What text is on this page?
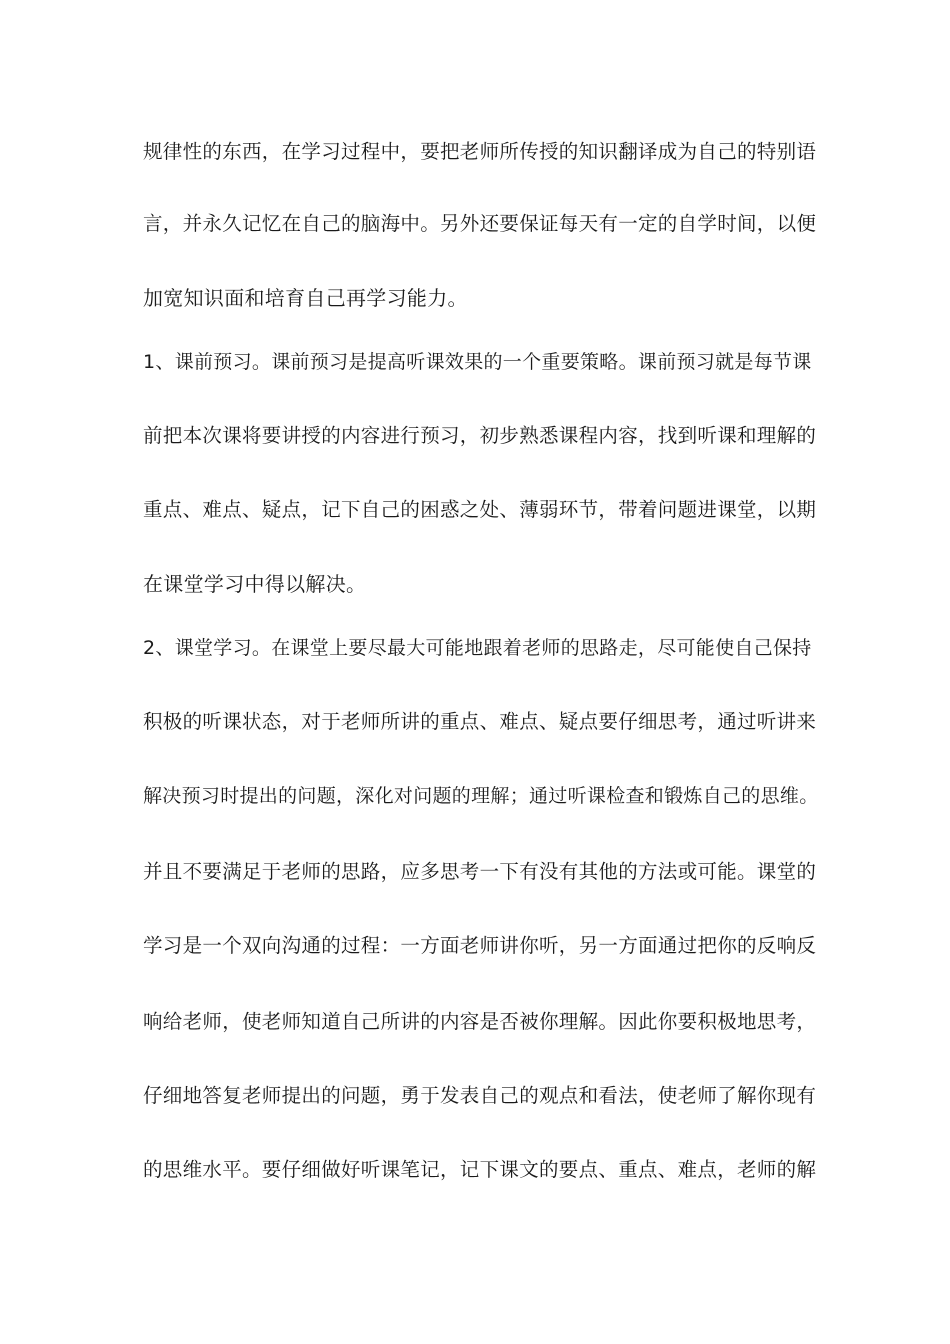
规律性的东西，在学习过程中，要把老师所传授的知识翻译成为自己的特别语
言，并永久记忆在自己的脑海中。另外还要保证每天有一定的自学时间，以便
加宽知识面和培育自己再学习能力。
1、课前预习。课前预习是提高听课效果的一个重要策略。课前预习就是每节课
前把本次课将要讲授的内容进行预习，初步熟悉课程内容，找到听课和理解的
重点、难点、疑点，记下自己的困惑之处、薄弱环节，带着问题进课堂，以期
在课堂学习中得以解决。
2、课堂学习。在课堂上要尽最大可能地跟着老师的思路走，尽可能使自己保持
积极的听课状态，对于老师所讲的重点、难点、疑点要仔细思考，通过听讲来
解决预习时提出的问题，深化对问题的理解；通过听课检查和锻炼自己的思维。
并且不要满足于老师的思路，应多思考一下有没有其他的方法或可能。课堂的
学习是一个双向沟通的过程：一方面老师讲你听，另一方面通过把你的反响反
响给老师，使老师知道自己所讲的内容是否被你理解。因此你要积极地思考，
仔细地答复老师提出的问题，勇于发表自己的观点和看法，使老师了解你现有
的思维水平。要仔细做好听课笔记，记下课文的要点、重点、难点，老师的解
